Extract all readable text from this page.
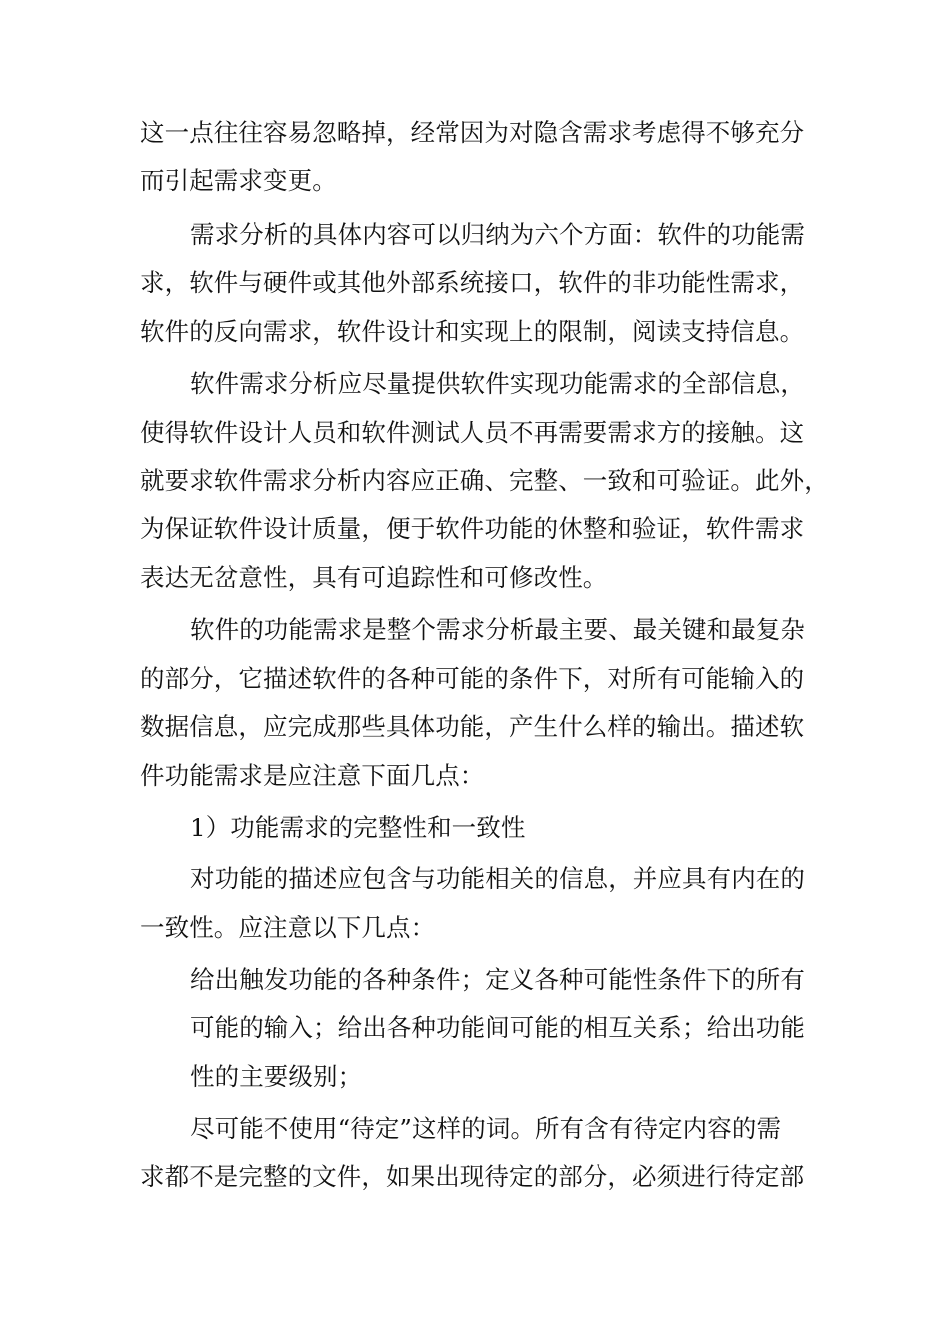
这一点往往容易忽略掉，经常因为对隐含需求考虑得不够充分
而引起需求变更。
需求分析的具体内容可以归纳为六个方面：软件的功能需
求，软件与硬件或其他外部系统接口，软件的非功能性需求，
软件的反向需求，软件设计和实现上的限制，阅读支持信息。
软件需求分析应尽量提供软件实现功能需求的全部信息，
使得软件设计人员和软件测试人员不再需要需求方的接触。这
就要求软件需求分析内容应正确、完整、一致和可验证。此外，
为保证软件设计质量，便于软件功能的休整和验证，软件需求
表达无岔意性，具有可追踪性和可修改性。
软件的功能需求是整个需求分析最主要、最关键和最复杂
的部分，它描述软件的各种可能的条件下，对所有可能输入的
数据信息，应完成那些具体功能，产生什么样的输出。描述软
件功能需求是应注意下面几点：
1）功能需求的完整性和一致性
对功能的描述应包含与功能相关的信息，并应具有内在的
一致性。应注意以下几点：
给出触发功能的各种条件；定义各种可能性条件下的所有
可能的输入；给出各种功能间可能的相互关系；给出功能
性的主要级别；
尽可能不使用“待定”这样的词。所有含有待定内容的需
求都不是完整的文件，如果出现待定的部分，必须进行待定部
